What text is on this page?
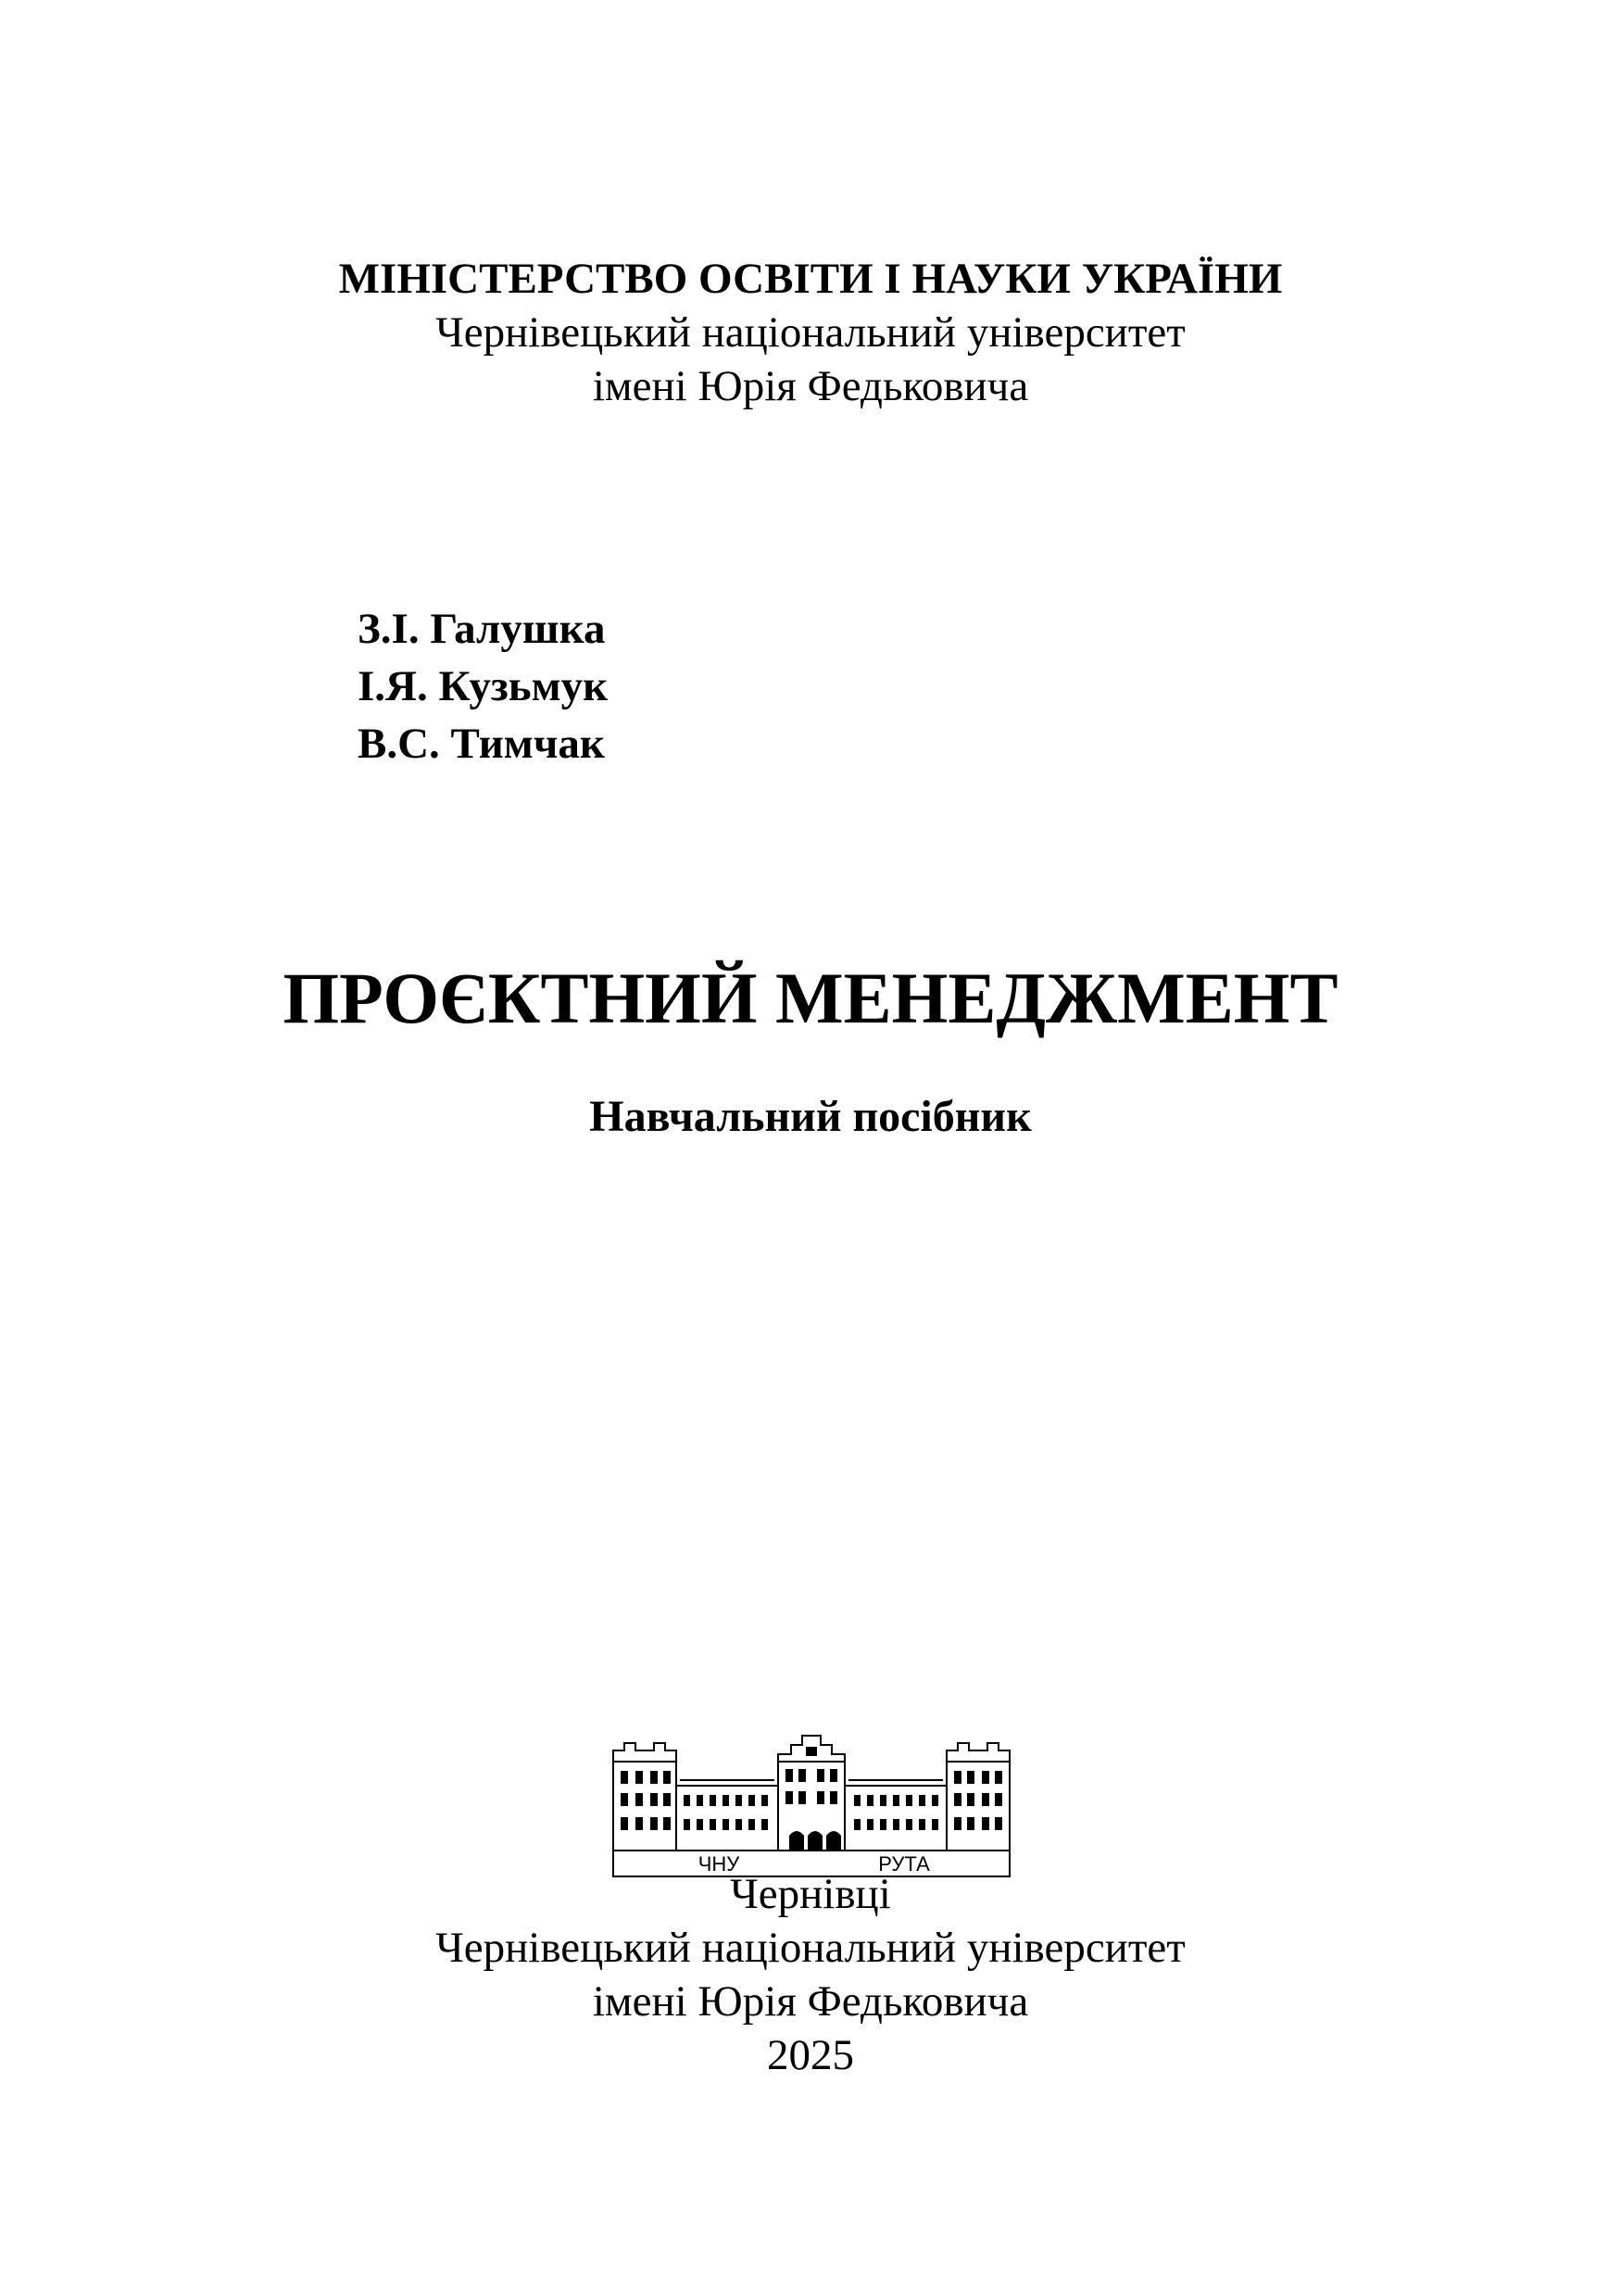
МІНІСТЕРСТВО ОСВІТИ І НАУКИ УКРАЇНИ
Чернівецький національний університет
імені Юрія Федьковича
З.І. Галушка
І.Я. Кузьмук
В.С. Тимчак
ПРОЄКТНИЙ МЕНЕДЖМЕНТ
Навчальний посібник
ЧНУ	РУТА
Чернівці
Чернівецький національний університет
імені Юрія Федьковича
2025
